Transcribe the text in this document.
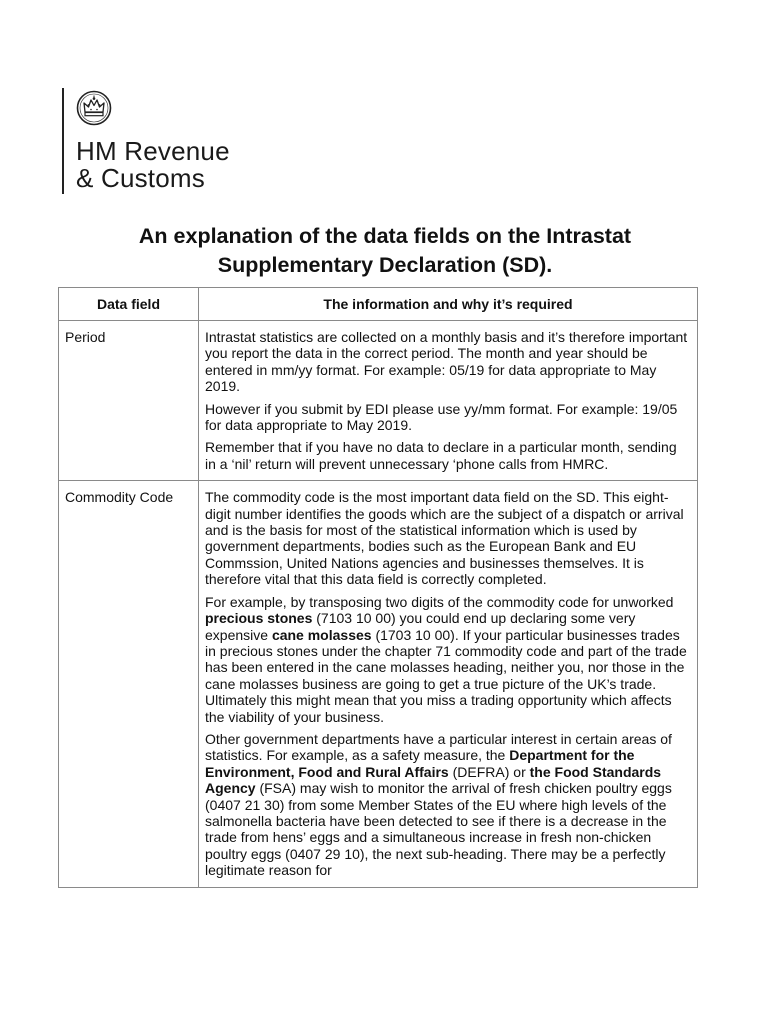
HM Revenue
& Customs
An explanation of the data fields on the Intrastat
Supplementary Declaration (SD).
Data field	The information and why it’s required
Period	Intrastat statistics are collected on a monthly basis and it’s therefore important you report the data in the correct period. The month and year should be entered in mm/yy format. For example: 05/19 for data appropriate to May 2019.

However if you submit by EDI please use yy/mm format. For example: 19/05 for data appropriate to May 2019.

Remember that if you have no data to declare in a particular month, sending in a ‘nil’ return will prevent unnecessary ‘phone calls from HMRC.

Commodity Code	The commodity code is the most important data field on the SD. This eight-digit number identifies the goods which are the subject of a dispatch or arrival and is the basis for most of the statistical information which is used by government departments, bodies such as the European Bank and EU Commssion, United Nations agencies and businesses themselves. It is therefore vital that this data field is correctly completed.

For example, by transposing two digits of the commodity code for unworked precious stones (7103 10 00) you could end up declaring some very expensive cane molasses (1703 10 00). If your particular businesses trades in precious stones under the chapter 71 commodity code and part of the trade has been entered in the cane molasses heading, neither you, nor those in the cane molasses business are going to get a true picture of the UK’s trade. Ultimately this might mean that you miss a trading opportunity which affects the viability of your business.

Other government departments have a particular interest in certain areas of statistics. For example, as a safety measure, the Department for the Environment, Food and Rural Affairs (DEFRA) or the Food Standards Agency (FSA) may wish to monitor the arrival of fresh chicken poultry eggs (0407 21 30) from some Member States of the EU where high levels of the salmonella bacteria have been detected to see if there is a decrease in the trade from hens’ eggs and a simultaneous increase in fresh non-chicken poultry eggs (0407 29 10), the next sub-heading. There may be a perfectly legitimate reason for
